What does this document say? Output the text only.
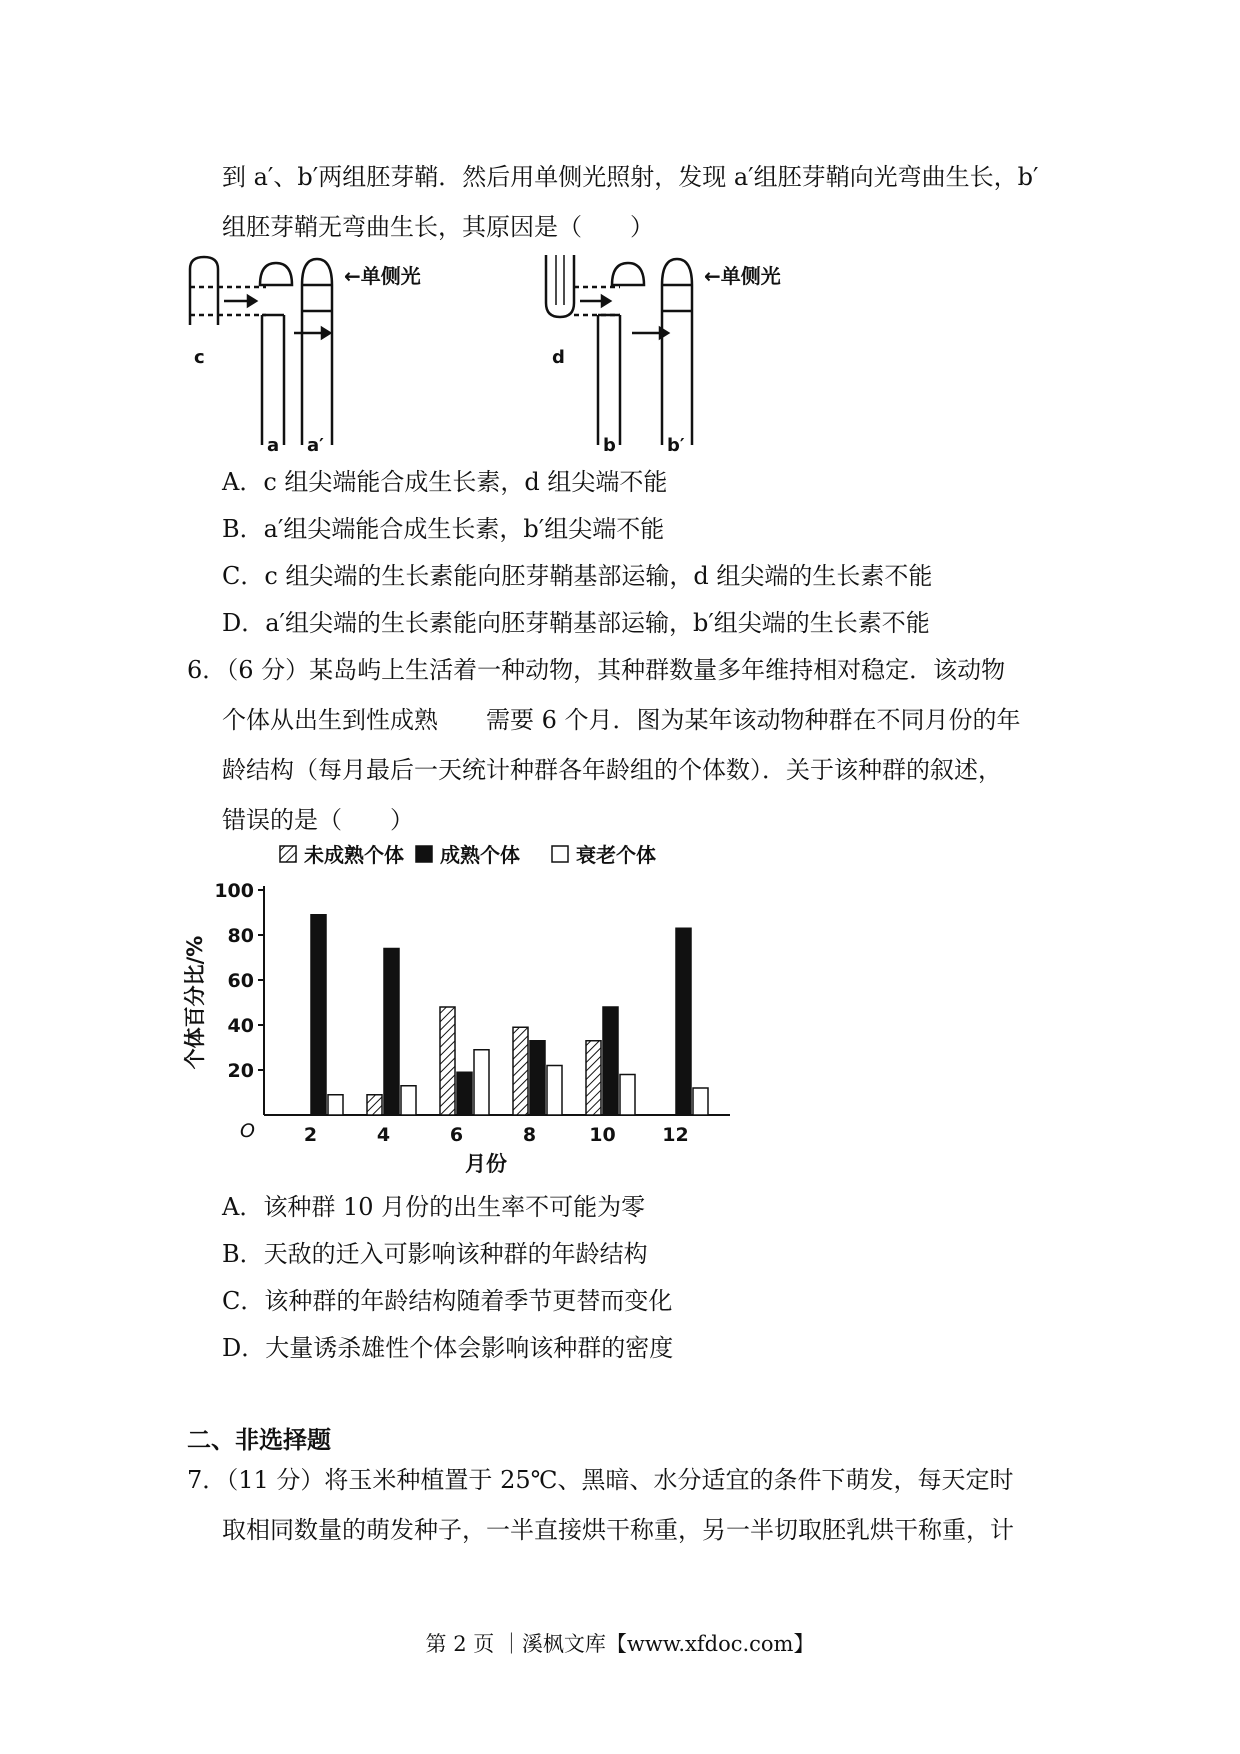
到 a′、b′两组胚芽鞘．然后用单侧光照射，发现 a′组胚芽鞘向光弯曲生长，b′
组胚芽鞘无弯曲生长，其原因是（　　）
←单侧光	←单侧光
c
a a′
d
b	b′
A．c 组尖端能合成生长素，d 组尖端不能
B．a′组尖端能合成生长素，b′组尖端不能
C．c 组尖端的生长素能向胚芽鞘基部运输，d 组尖端的生长素不能
D．a′组尖端的生长素能向胚芽鞘基部运输，b′组尖端的生长素不能
6．（6 分）某岛屿上生活着一种动物，其种群数量多年维持相对稳定．该动物
个体从出生到性成熟　　需要 6 个月．图为某年该动物种群在不同月份的年
龄结构（每月最后一天统计种群各年龄组的个体数）．关于该种群的叙述，
错误的是（　　）
20
40
60
80
100
O
个体百分比/%
2	4	6	8	10 12
月份
未成熟个体 成熟个体	衰老个体
A．该种群 10 月份的出生率不可能为零
B．天敌的迁入可影响该种群的年龄结构
C．该种群的年龄结构随着季节更替而变化
D．大量诱杀雄性个体会影响该种群的密度
二、非选择题
7．（11 分）将玉米种植置于 25℃、黑暗、水分适宜的条件下萌发，每天定时
取相同数量的萌发种子，一半直接烘干称重，另一半切取胚乳烘干称重，计
第 2 页 ｜溪枫文库【www.xfdoc.com】
